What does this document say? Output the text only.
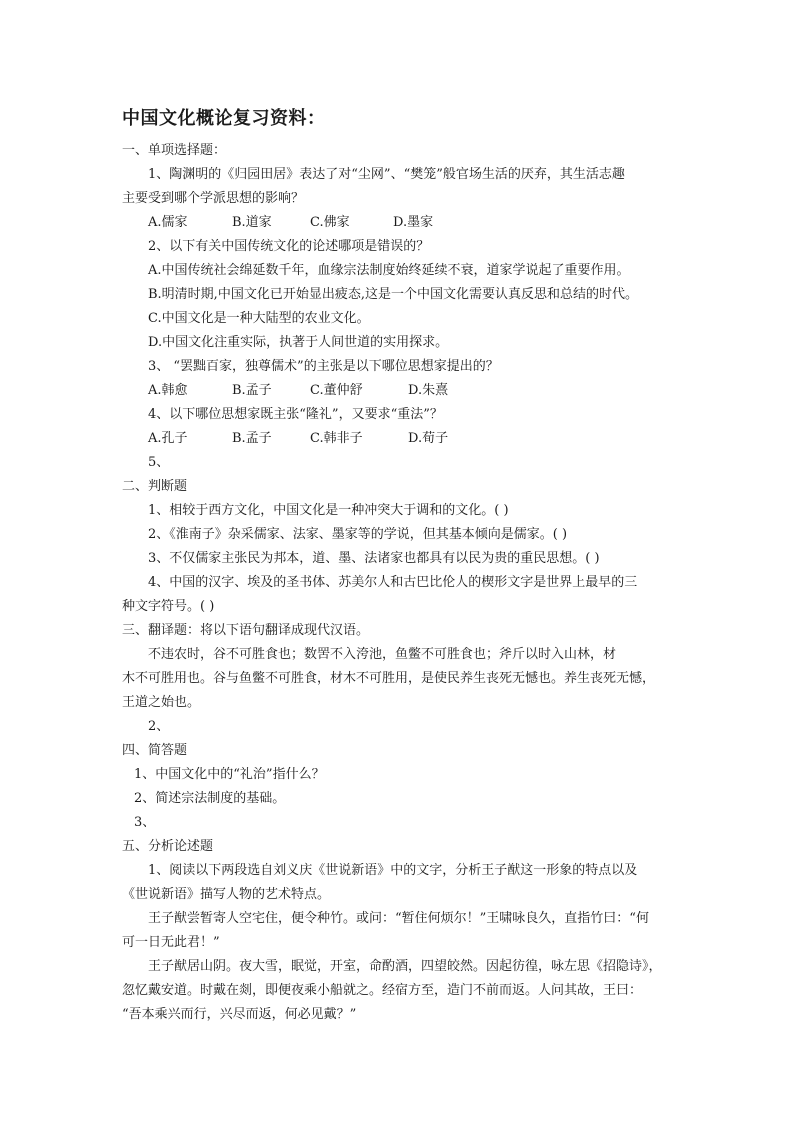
中国文化概论复习资料：
一、单项选择题：
1、陶渊明的《归园田居》表达了对“尘网”、“樊笼”般官场生活的厌弃，其生活志趣
主要受到哪个学派思想的影响？
A.儒家	B.道家	C.佛家	D.墨家
2、以下有关中国传统文化的论述哪项是错误的？
A.中国传统社会绵延数千年，血缘宗法制度始终延续不衰，道家学说起了重要作用。
B.明清时期,中国文化已开始显出疲态,这是一个中国文化需要认真反思和总结的时代。
C.中国文化是一种大陆型的农业文化。
D.中国文化注重实际，执著于人间世道的实用探求。
3、 “罢黜百家，独尊儒术”的主张是以下哪位思想家提出的？
A.韩愈	B.孟子	C.董仲舒	D.朱熹
4、以下哪位思想家既主张“隆礼”，又要求“重法”？
A.孔子	B.孟子	C.韩非子	D.荀子
5、
二、判断题
1、相较于西方文化，中国文化是一种冲突大于调和的文化。( )
2、《淮南子》杂采儒家、法家、墨家等的学说，但其基本倾向是儒家。( )
3、不仅儒家主张民为邦本，道、墨、法诸家也都具有以民为贵的重民思想。( )
4、中国的汉字、埃及的圣书体、苏美尔人和古巴比伦人的楔形文字是世界上最早的三
种文字符号。( )
三、翻译题：将以下语句翻译成现代汉语。
不违农时，谷不可胜食也；数罟不入洿池，鱼鳖不可胜食也；斧斤以时入山林，材
木不可胜用也。谷与鱼鳖不可胜食，材木不可胜用，是使民养生丧死无憾也。养生丧死无憾，
王道之始也。
2、
四、简答题
1、中国文化中的“礼治”指什么？
2、简述宗法制度的基础。
3、
五、分析论述题
1、阅读以下两段选自刘义庆《世说新语》中的文字，分析王子猷这一形象的特点以及
《世说新语》描写人物的艺术特点。
王子猷尝暂寄人空宅住，便令种竹。或问：“暂住何烦尔！”王啸咏良久，直指竹曰：“何
可一日无此君！”
王子猷居山阴。夜大雪，眠觉，开室，命酌酒，四望皎然。因起彷徨，咏左思《招隐诗》，
忽忆戴安道。时戴在剡，即便夜乘小船就之。经宿方至，造门不前而返。人问其故，王曰：
“吾本乘兴而行，兴尽而返，何必见戴？”
